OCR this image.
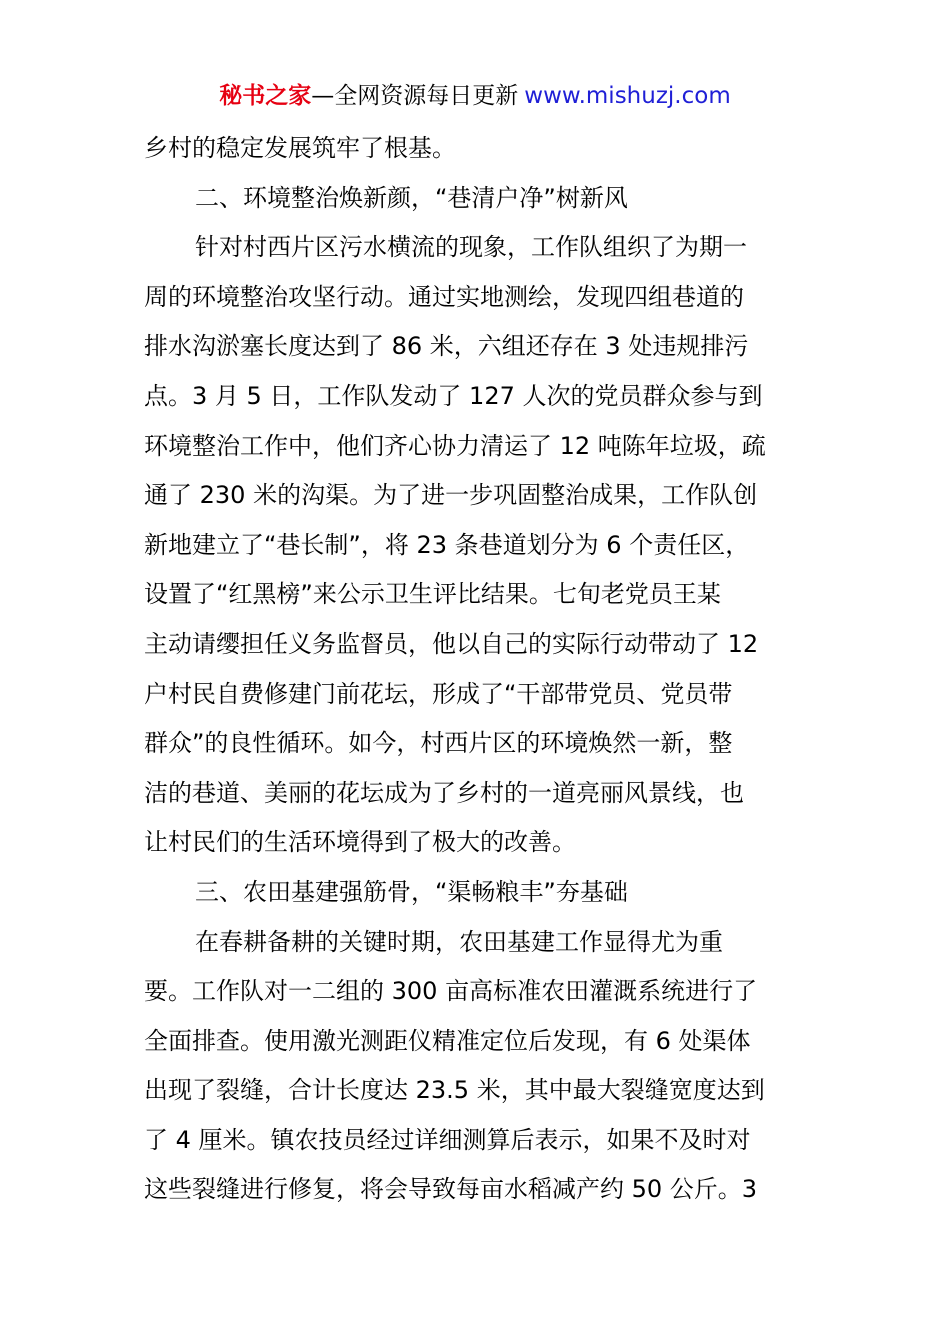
秘书之家—全网资源每日更新 www.mishuzj.com
乡村的稳定发展筑牢了根基。
二、环境整治焕新颜，“巷清户净”树新风
针对村西片区污水横流的现象，工作队组织了为期一
周的环境整治攻坚行动。通过实地测绘，发现四组巷道的
排水沟淤塞长度达到了 86 米，六组还存在 3 处违规排污
点。3 月 5 日，工作队发动了 127 人次的党员群众参与到
环境整治工作中，他们齐心协力清运了 12 吨陈年垃圾，疏
通了 230 米的沟渠。为了进一步巩固整治成果，工作队创
新地建立了“巷长制”，将 23 条巷道划分为 6 个责任区，
设置了“红黑榜”来公示卫生评比结果。七旬老党员王某
主动请缨担任义务监督员，他以自己的实际行动带动了 12
户村民自费修建门前花坛，形成了“干部带党员、党员带
群众”的良性循环。如今，村西片区的环境焕然一新，整
洁的巷道、美丽的花坛成为了乡村的一道亮丽风景线，也
让村民们的生活环境得到了极大的改善。
三、农田基建强筋骨，“渠畅粮丰”夯基础
在春耕备耕的关键时期，农田基建工作显得尤为重
要。工作队对一二组的 300 亩高标准农田灌溉系统进行了
全面排查。使用激光测距仪精准定位后发现，有 6 处渠体
出现了裂缝，合计长度达 23.5 米，其中最大裂缝宽度达到
了 4 厘米。镇农技员经过详细测算后表示，如果不及时对
这些裂缝进行修复，将会导致每亩水稻减产约 50 公斤。3
